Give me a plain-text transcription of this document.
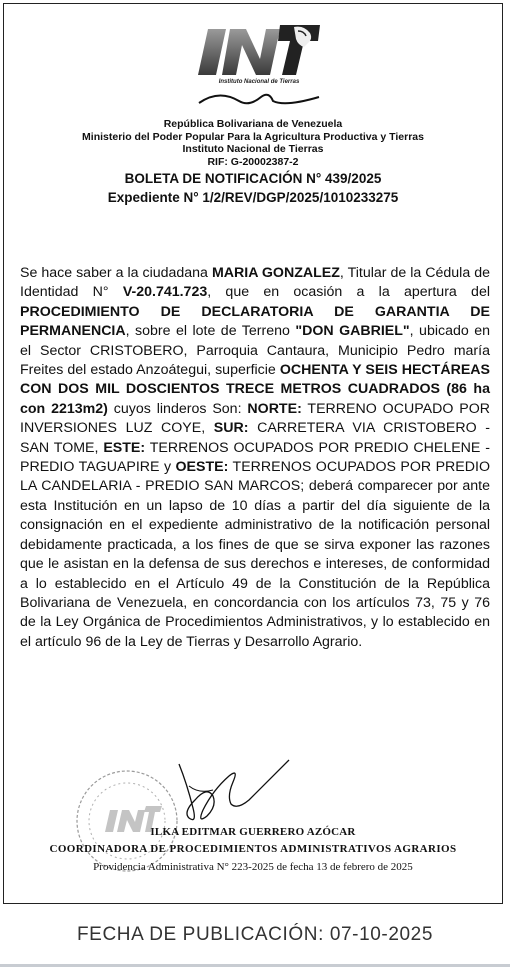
Instituto Nacional de Tierras
República Bolivariana de Venezuela
Ministerio del Poder Popular Para la Agricultura Productiva y Tierras
Instituto Nacional de Tierras
RIF: G-20002387-2
BOLETA DE NOTIFICACIÓN N° 439/2025
Expediente N° 1/2/REV/DGP/2025/1010233275
Se hace saber a la ciudadana MARIA GONZALEZ, Titular de la Cédula de Identidad N° V-20.741.723, que en ocasión a la apertura del PROCEDIMIENTO DE DECLARATORIA DE GARANTIA DE PERMANENCIA, sobre el lote de Terreno "DON GABRIEL", ubicado en el Sector CRISTOBERO, Parroquia Cantaura, Municipio Pedro maría Freites del estado Anzoátegui, superficie OCHENTA Y SEIS HECTÁREAS CON DOS MIL DOSCIENTOS TRECE METROS CUADRADOS (86 ha con 2213m2) cuyos linderos Son: NORTE: TERRENO OCUPADO POR INVERSIONES LUZ COYE, SUR: CARRETERA VIA CRISTOBERO - SAN TOME, ESTE: TERRENOS OCUPADOS POR PREDIO CHELENE - PREDIO TAGUAPIRE y OESTE: TERRENOS OCUPADOS POR PREDIO LA CANDELARIA - PREDIO SAN MARCOS; deberá comparecer por ante esta Institución en un lapso de 10 días a partir del día siguiente de la consignación en el expediente administrativo de la notificación personal debidamente practicada, a los fines de que se sirva exponer las razones que le asistan en la defensa de sus derechos e intereses, de conformidad a lo establecido en el Artículo 49 de la Constitución de la República Bolivariana de Venezuela, en concordancia con los artículos 73, 75 y 76 de la Ley Orgánica de Procedimientos Administrativos, y lo establecido en el artículo 96 de la Ley de Tierras y Desarrollo Agrario.
ILKA EDITMAR GUERRERO AZÓCAR
COORDINADORA DE PROCEDIMIENTOS ADMINISTRATIVOS AGRARIOS
Providencia Administrativa N° 223-2025 de fecha 13 de febrero de 2025
FECHA DE PUBLICACIÓN: 07-10-2025
